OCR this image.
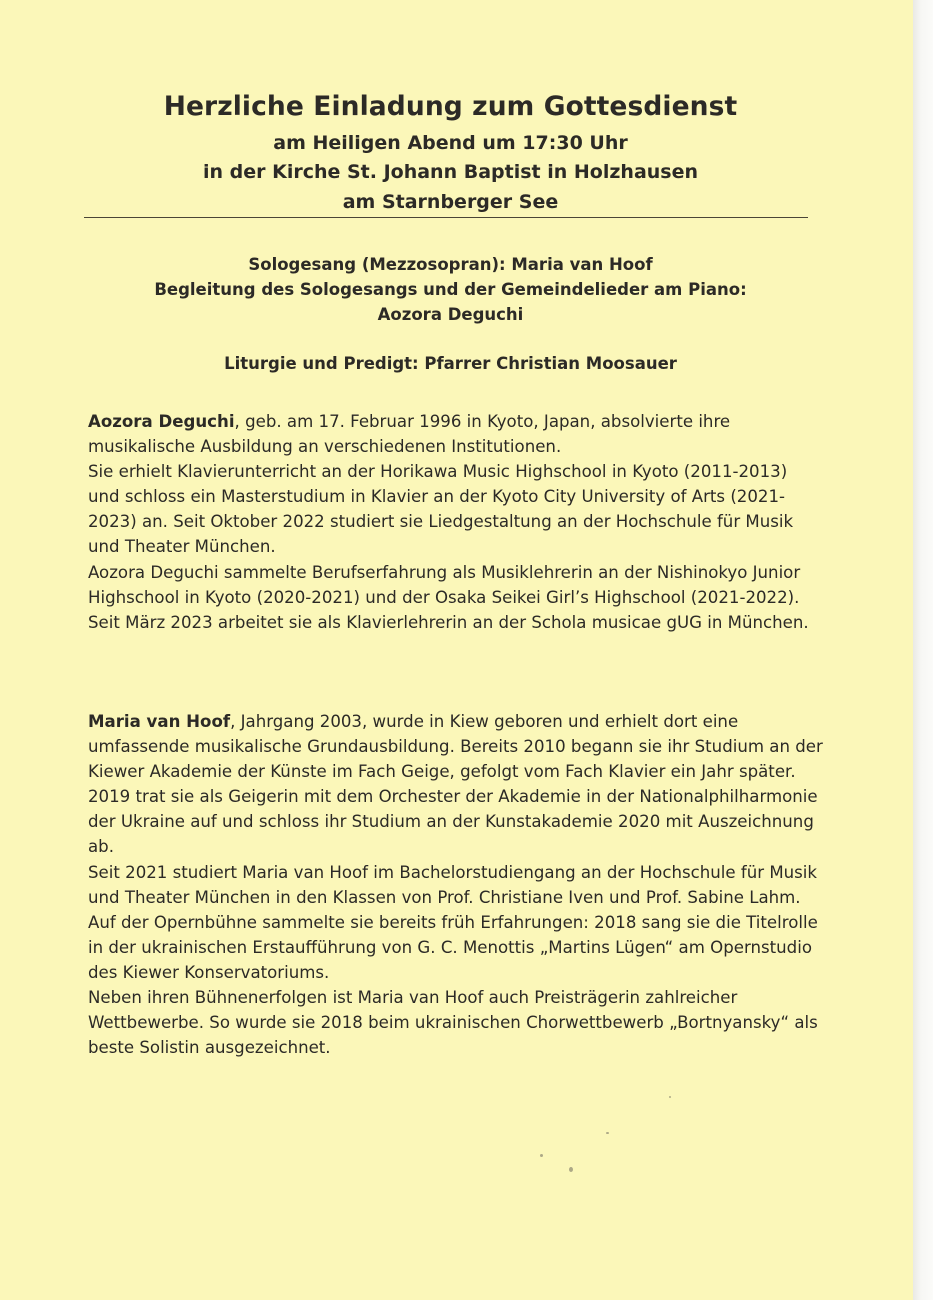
Herzliche Einladung zum Gottesdienst
am Heiligen Abend um 17:30 Uhr
in der Kirche St. Johann Baptist in Holzhausen
am Starnberger See
Sologesang (Mezzosopran): Maria van Hoof
Begleitung des Sologesangs und der Gemeindelieder am Piano:
Aozora Deguchi
Liturgie und Predigt: Pfarrer Christian Moosauer

Aozora Deguchi, geb. am 17. Februar 1996 in Kyoto, Japan, absolvierte ihre musikalische Ausbildung an verschiedenen Institutionen.

Sie erhielt Klavierunterricht an der Horikawa Music Highschool in Kyoto (2011-2013) und schloss ein Masterstudium in Klavier an der Kyoto City University of Arts (2021-2023) an. Seit Oktober 2022 studiert sie Liedgestaltung an der Hochschule für Musik und Theater München.

Aozora Deguchi sammelte Berufserfahrung als Musiklehrerin an der Nishinokyo Junior Highschool in Kyoto (2020-2021) und der Osaka Seikei Girl’s Highschool (2021-2022).

Seit März 2023 arbeitet sie als Klavierlehrerin an der Schola musicae gUG in München.

Maria van Hoof, Jahrgang 2003, wurde in Kiew geboren und erhielt dort eine umfassende musikalische Grundausbildung. Bereits 2010 begann sie ihr Studium an der Kiewer Akademie der Künste im Fach Geige, gefolgt vom Fach Klavier ein Jahr später.

2019 trat sie als Geigerin mit dem Orchester der Akademie in der Nationalphilharmonie der Ukraine auf und schloss ihr Studium an der Kunstakademie 2020 mit Auszeichnung ab.

Seit 2021 studiert Maria van Hoof im Bachelorstudiengang an der Hochschule für Musik und Theater München in den Klassen von Prof. Christiane Iven und Prof. Sabine Lahm.

Auf der Opernbühne sammelte sie bereits früh Erfahrungen: 2018 sang sie die Titelrolle in der ukrainischen Erstaufführung von G. C. Menottis „Martins Lügen“ am Opernstudio des Kiewer Konservatoriums.

Neben ihren Bühnenerfolgen ist Maria van Hoof auch Preisträgerin zahlreicher Wettbewerbe. So wurde sie 2018 beim ukrainischen Chorwettbewerb „Bortnyansky“ als beste Solistin ausgezeichnet.
